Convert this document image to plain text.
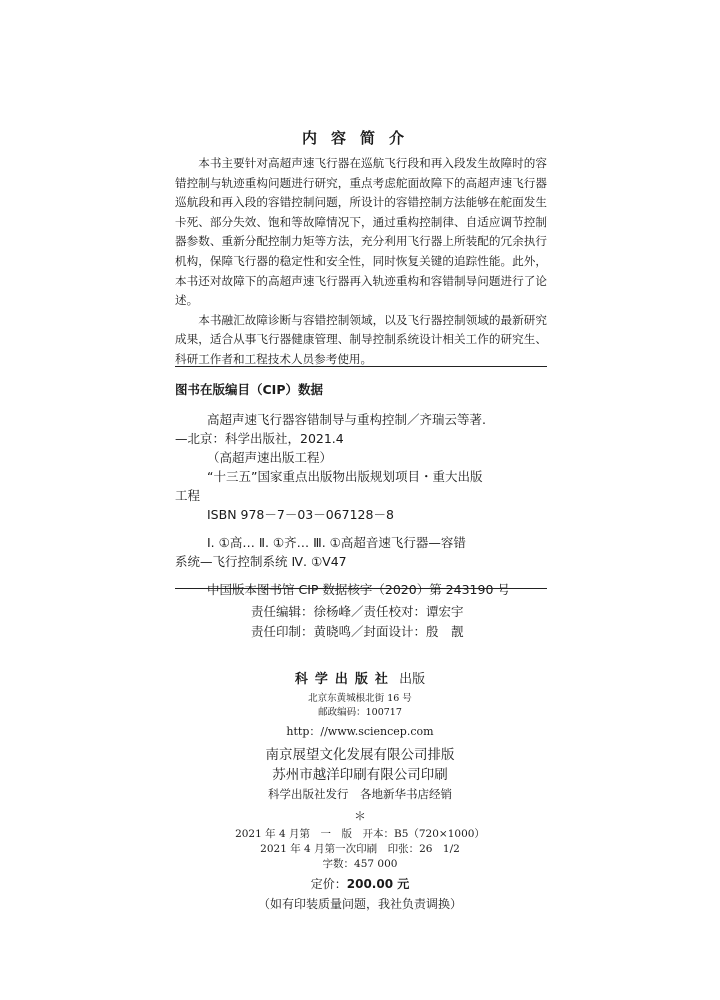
内容简介

本书主要针对高超声速飞行器在巡航飞行段和再入段发生故障时的容错控制与轨迹重构问题进行研究，重点考虑舵面故障下的高超声速飞行器巡航段和再入段的容错控制问题，所设计的容错控制方法能够在舵面发生卡死、部分失效、饱和等故障情况下，通过重构控制律、自适应调节控制器参数、重新分配控制力矩等方法，充分利用飞行器上所装配的冗余执行机构，保障飞行器的稳定性和安全性，同时恢复关键的追踪性能。此外，本书还对故障下的高超声速飞行器再入轨迹重构和容错制导问题进行了论述。

本书融汇故障诊断与容错控制领域，以及飞行器控制领域的最新研究成果，适合从事飞行器健康管理、制导控制系统设计相关工作的研究生、科研工作者和工程技术人员参考使用。

图书在版编目（CIP）数据
高超声速飞行器容错制导与重构控制／齐瑞云等著.
—北京：科学出版社，2021.4
（高超声速出版工程）
“十三五”国家重点出版物出版规划项目・重大出版
工程
ISBN 978－7－03－067128－8
Ⅰ. ①高… Ⅱ. ①齐… Ⅲ. ①高超音速飞行器—容错
系统—飞行控制系统 Ⅳ. ①V47
中国版本图书馆 CIP 数据核字（2020）第 243190 号
责任编辑：徐杨峰／责任校对：谭宏宇
责任印制：黄晓鸣／封面设计：殷　靓
科学出版社 出版
北京东黄城根北街 16 号
邮政编码：100717
http：//www.sciencep.com
南京展望文化发展有限公司排版
苏州市越洋印刷有限公司印刷
科学出版社发行　各地新华书店经销
＊
2021 年 4 月第　一　版　开本：B5（720×1000）
2021 年 4 月第一次印刷　印张：26　1/2
字数：457 000
定价：200.00 元
（如有印装质量问题，我社负责调换）
